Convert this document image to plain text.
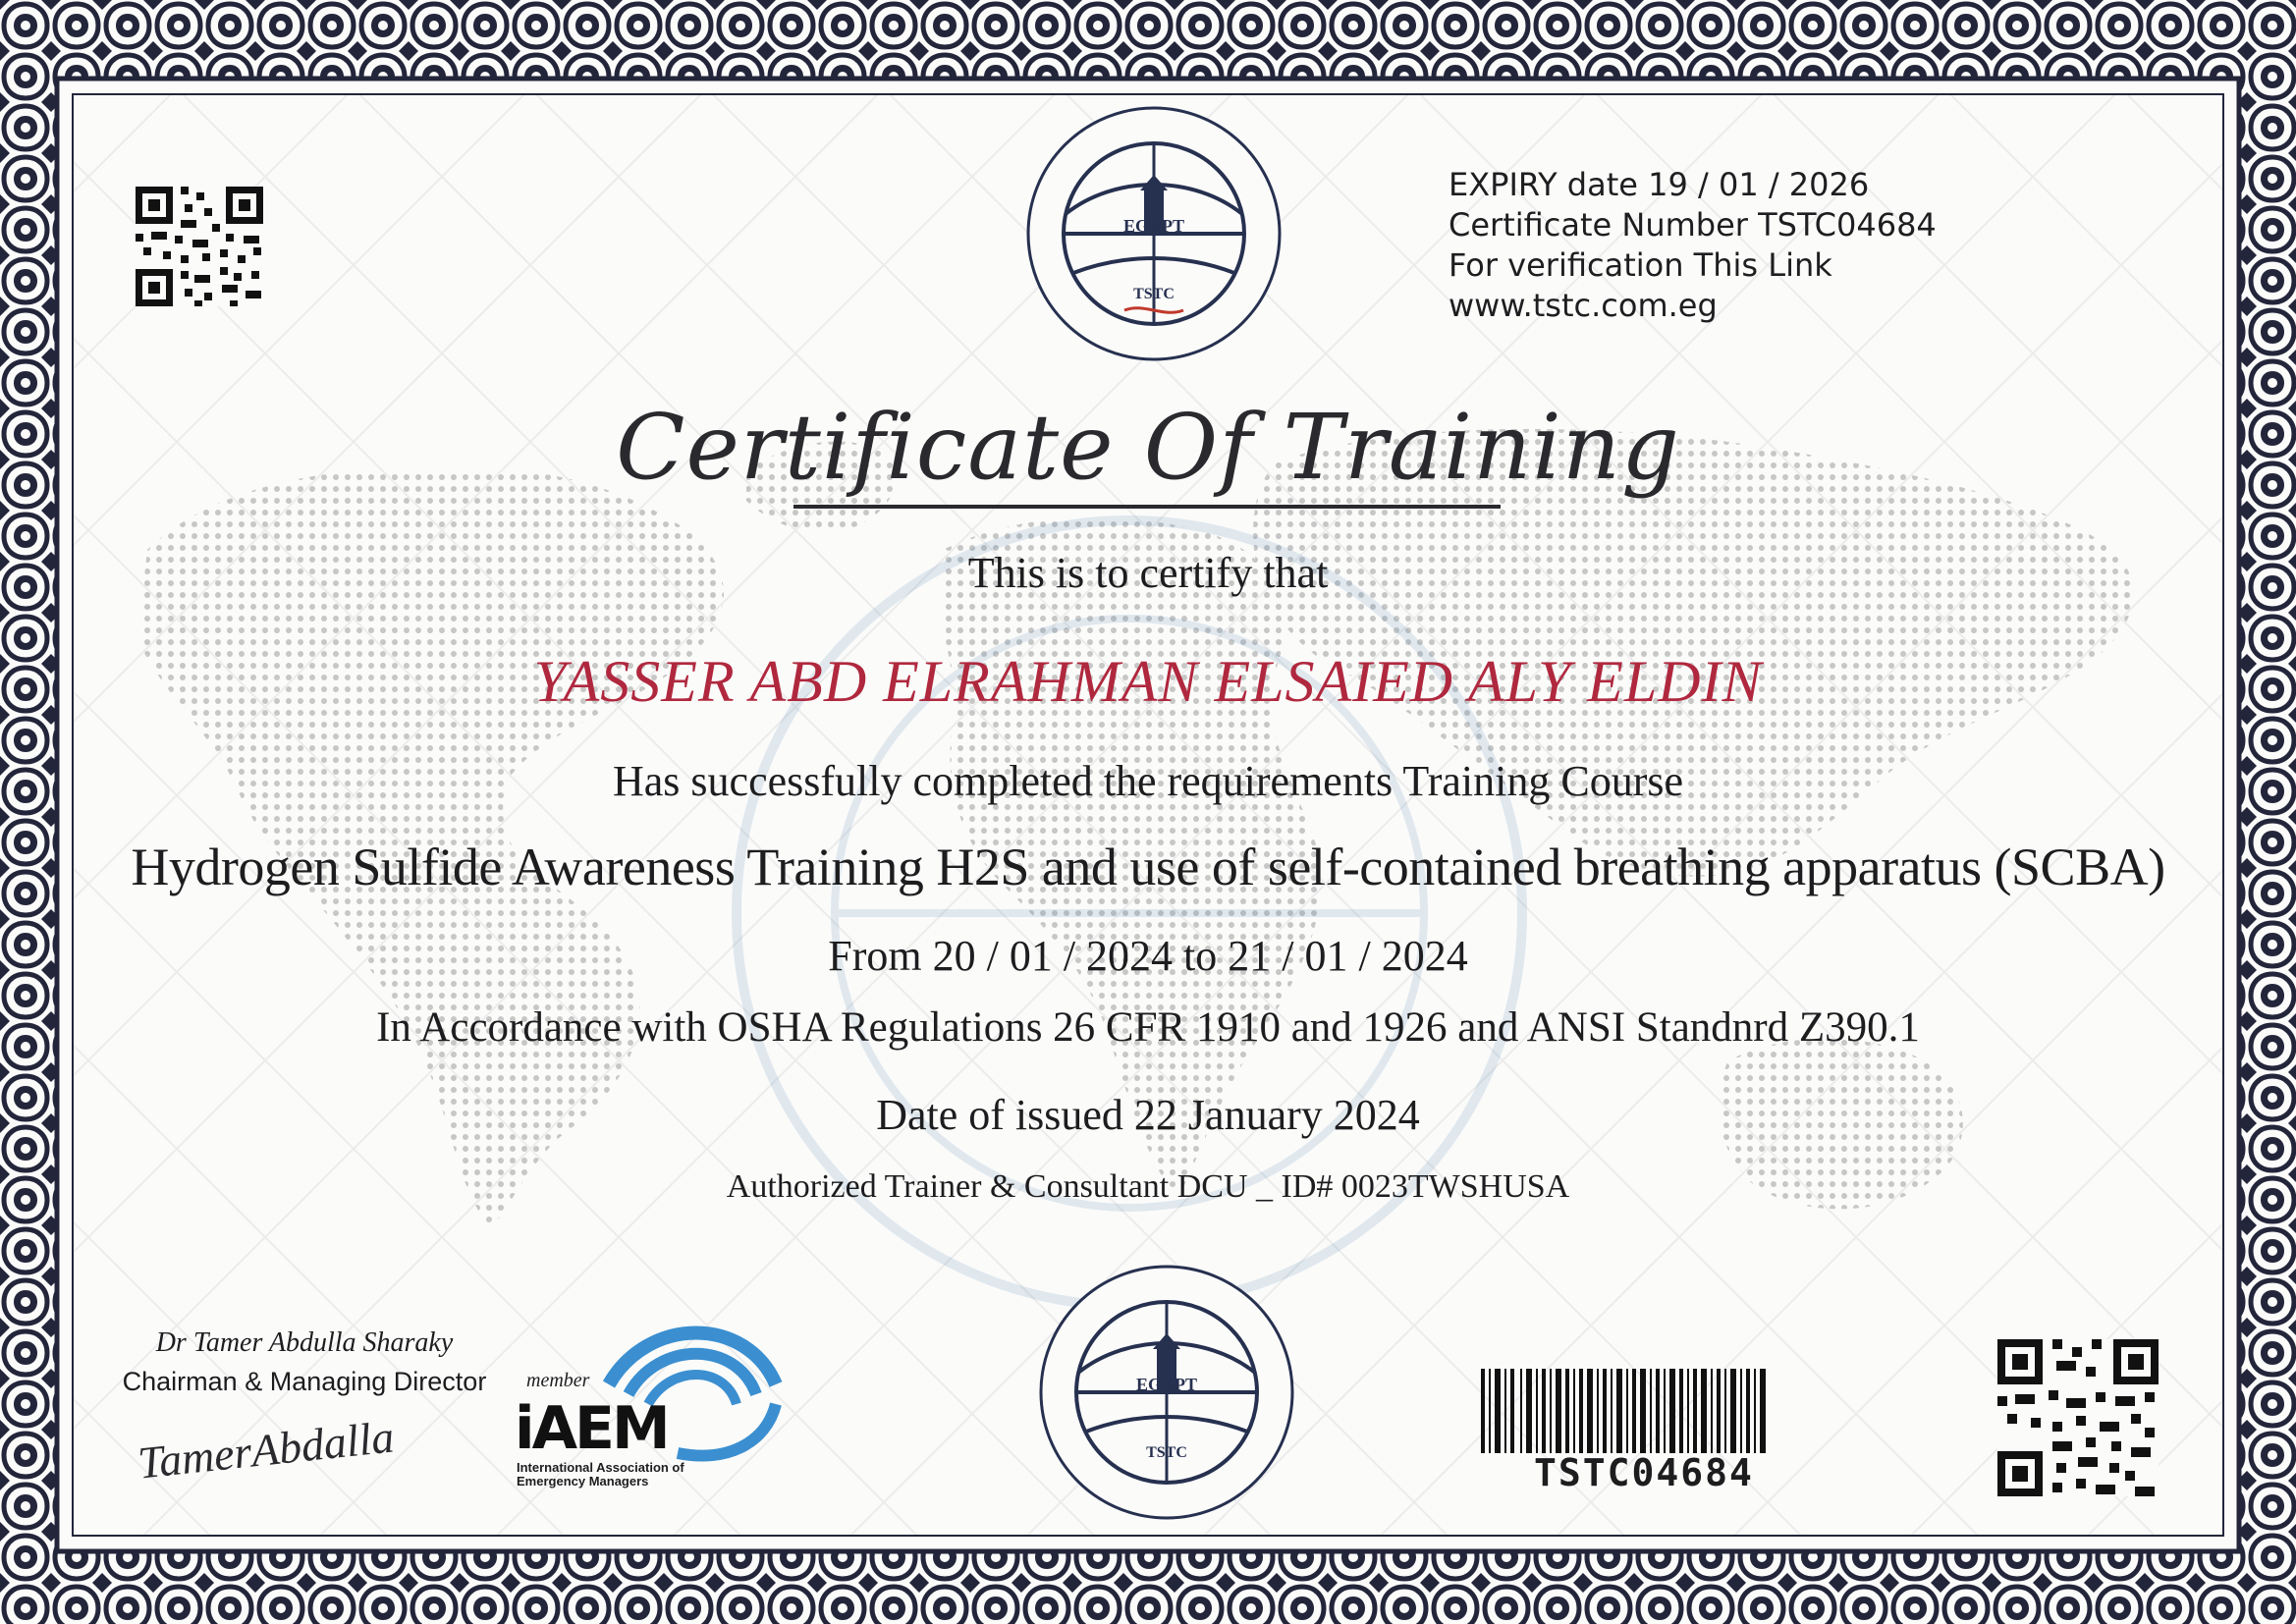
EGYPT
TSTC
EGYPT
TSTC
EXPIRY date 19 / 01 / 2026
Certificate Number TSTC04684
For verification This Link
www.tstc.com.eg
Certificate Of Training
This is to certify that
YASSER ABD ELRAHMAN ELSAIED ALY ELDIN
Has successfully completed the requirements Training Course
Hydrogen Sulfide Awareness Training H2S and use of self-contained breathing apparatus (SCBA)
From 20 / 01 / 2024 to 21 / 01 / 2024
In Accordance with OSHA Regulations 26 CFR 1910 and 1926 and ANSI Standnrd Z390.1
Date of issued 22 January 2024
Authorized Trainer & Consultant DCU _ ID# 0023TWSHUSA
Dr Tamer Abdulla Sharaky
Chairman & Managing Director
TamerAbdalla
member
iAEM
International Association of Emergency Managers	TSTC04684
